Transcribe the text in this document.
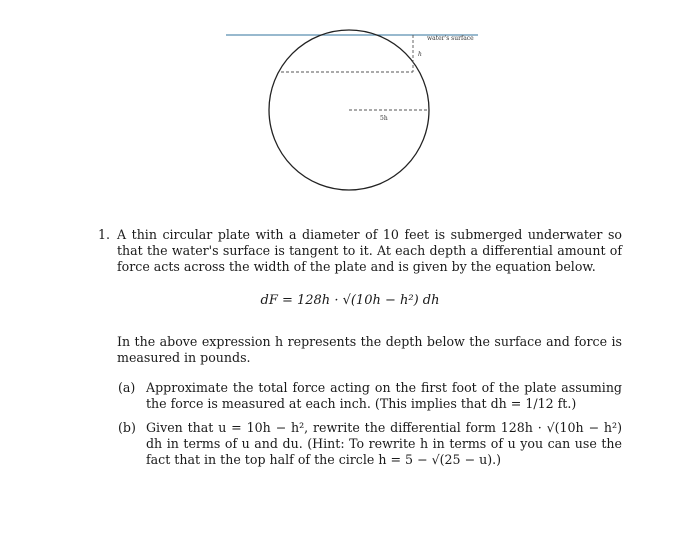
water's surface
h
5h
1. A thin circular plate with a diameter of 10 feet is submerged underwater so that the water's surface is tangent to it. At each depth a differential amount of force acts across the width of the plate and is given by the equation below.
dF = 128h · √(10h − h²) dh
In the above expression h represents the depth below the surface and force is measured in pounds.
(a) Approximate the total force acting on the first foot of the plate assuming the force is measured at each inch. (This implies that dh = 1/12 ft.)
(b) Given that u = 10h − h², rewrite the differential form 128h · √(10h − h²) dh in terms of u and du. (Hint: To rewrite h in terms of u you can use the fact that in the top half of the circle h = 5 − √(25 − u).)
